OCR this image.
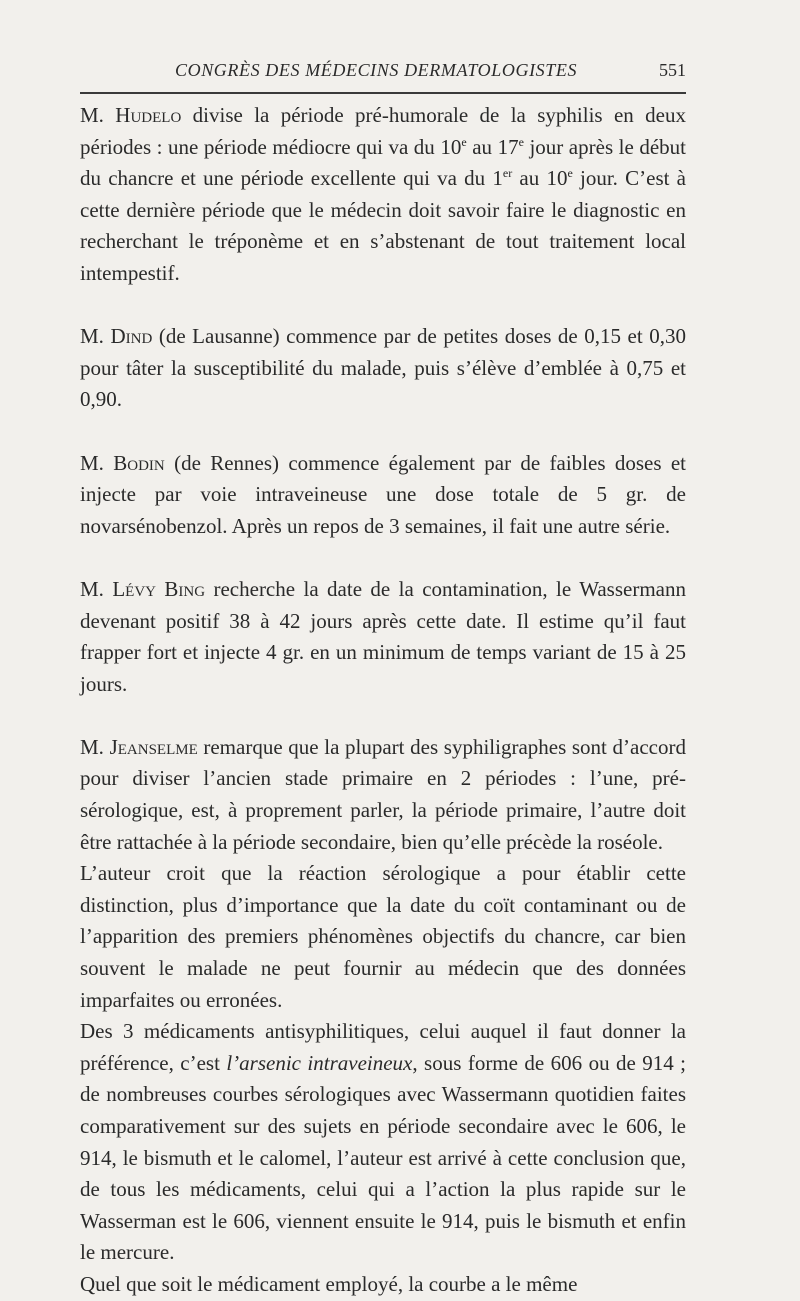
CONGRÈS DES MÉDECINS DERMATOLOGISTES	551

M. Hudelo divise la période pré-humorale de la syphilis en deux périodes : une période médiocre qui va du 10e au 17e jour après le début du chancre et une période excellente qui va du 1er au 10e jour. C’est à cette dernière période que le médecin doit savoir faire le diagnostic en recherchant le tréponème et en s’abstenant de tout traitement local intempestif.

M. Dind (de Lausanne) commence par de petites doses de 0,15 et 0,30 pour tâter la susceptibilité du malade, puis s’élève d’emblée à 0,75 et 0,90.

M. Bodin (de Rennes) commence également par de faibles doses et injecte par voie intraveineuse une dose totale de 5 gr. de novarsénobenzol. Après un repos de 3 semaines, il fait une autre série.

M. Lévy Bing recherche la date de la contamination, le Wassermann devenant positif 38 à 42 jours après cette date. Il estime qu’il faut frapper fort et injecte 4 gr. en un minimum de temps variant de 15 à 25 jours.

M. Jeanselme remarque que la plupart des syphiligraphes sont d’accord pour diviser l’ancien stade primaire en 2 périodes : l’une, pré-sérologique, est, à proprement parler, la période primaire, l’autre doit être rattachée à la période secondaire, bien qu’elle précède la roséole.

L’auteur croit que la réaction sérologique a pour établir cette distinction, plus d’importance que la date du coït contaminant ou de l’apparition des premiers phénomènes objectifs du chancre, car bien souvent le malade ne peut fournir au médecin que des données imparfaites ou erronées.

Des 3 médicaments antisyphilitiques, celui auquel il faut donner la préférence, c’est l’arsenic intraveineux, sous forme de 606 ou de 914 ; de nombreuses courbes sérologiques avec Wassermann quotidien faites comparativement sur des sujets en période secondaire avec le 606, le 914, le bismuth et le calomel, l’auteur est arrivé à cette conclusion que, de tous les médicaments, celui qui a l’action la plus rapide sur le Wasserman est le 606, viennent ensuite le 914, puis le bismuth et enfin le mercure.

Quel que soit le médicament employé, la courbe a le même
